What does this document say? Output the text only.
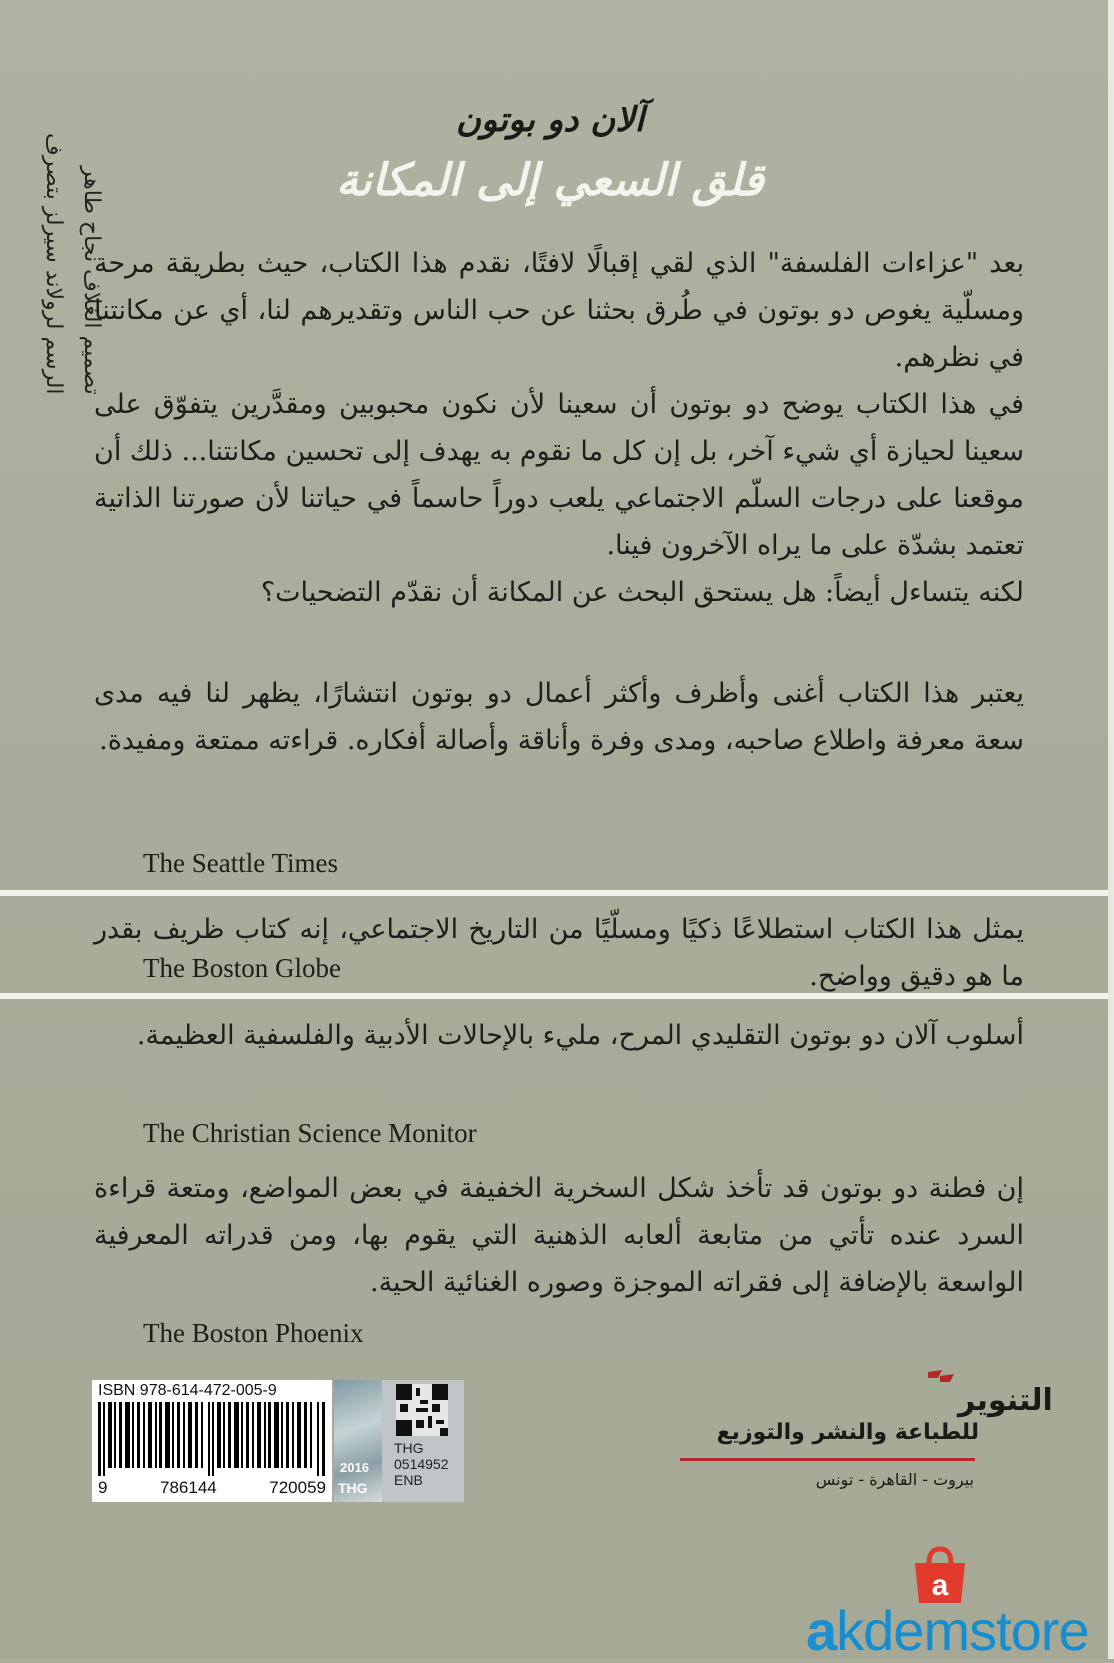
تصميم الغلاف نجاح طاهر
الرسم لرولاند سيرلز بتصرف
آلان دو بوتون
قلق السعي إلى المكانة

بعد "عزاءات الفلسفة" الذي لقي إقبالًا لافتًا، نقدم هذا الكتاب، حيث بطريقة مرحة ومسلّية يغوص دو بوتون في طُرق بحثنا عن حب الناس وتقديرهم لنا، أي عن مكانتنا في نظرهم.

في هذا الكتاب يوضح دو بوتون أن سعينا لأن نكون محبوبين ومقدَّرين يتفوّق على سعينا لحيازة أي شيء آخر، بل إن كل ما نقوم به يهدف إلى تحسين مكانتنا... ذلك أن موقعنا على درجات السلّم الاجتماعي يلعب دوراً حاسماً في حياتنا لأن صورتنا الذاتية تعتمد بشدّة على ما يراه الآخرون فينا.

لكنه يتساءل أيضاً: هل يستحق البحث عن المكانة أن نقدّم التضحيات؟

يعتبر هذا الكتاب أغنى وأظرف وأكثر أعمال دو بوتون انتشارًا، يظهر لنا فيه مدى سعة معرفة واطلاع صاحبه، ومدى وفرة وأناقة وأصالة أفكاره. قراءته ممتعة ومفيدة.

The Seattle Times

يمثل هذا الكتاب استطلاعًا ذكيًا ومسلّيًا من التاريخ الاجتماعي، إنه كتاب ظريف بقدر ما هو دقيق وواضح.

The Boston Globe

أسلوب آلان دو بوتون التقليدي المرح، مليء بالإحالات الأدبية والفلسفية العظيمة.

The Christian Science Monitor

إن فطنة دو بوتون قد تأخذ شكل السخرية الخفيفة في بعض المواضع، ومتعة قراءة السرد عنده تأتي من متابعة ألعابه الذهنية التي يقوم بها، ومن قدراته المعرفية الواسعة بالإضافة إلى فقراته الموجزة وصوره الغنائية الحية.

The Boston Phoenix
ISBN 978-614-472-005-9
9	786144	720059
THG
0514952
ENB
2016
THG
التنوير
للطباعة والنشر والتوزيع
بيروت - القاهرة - تونس
a
akdemstore
